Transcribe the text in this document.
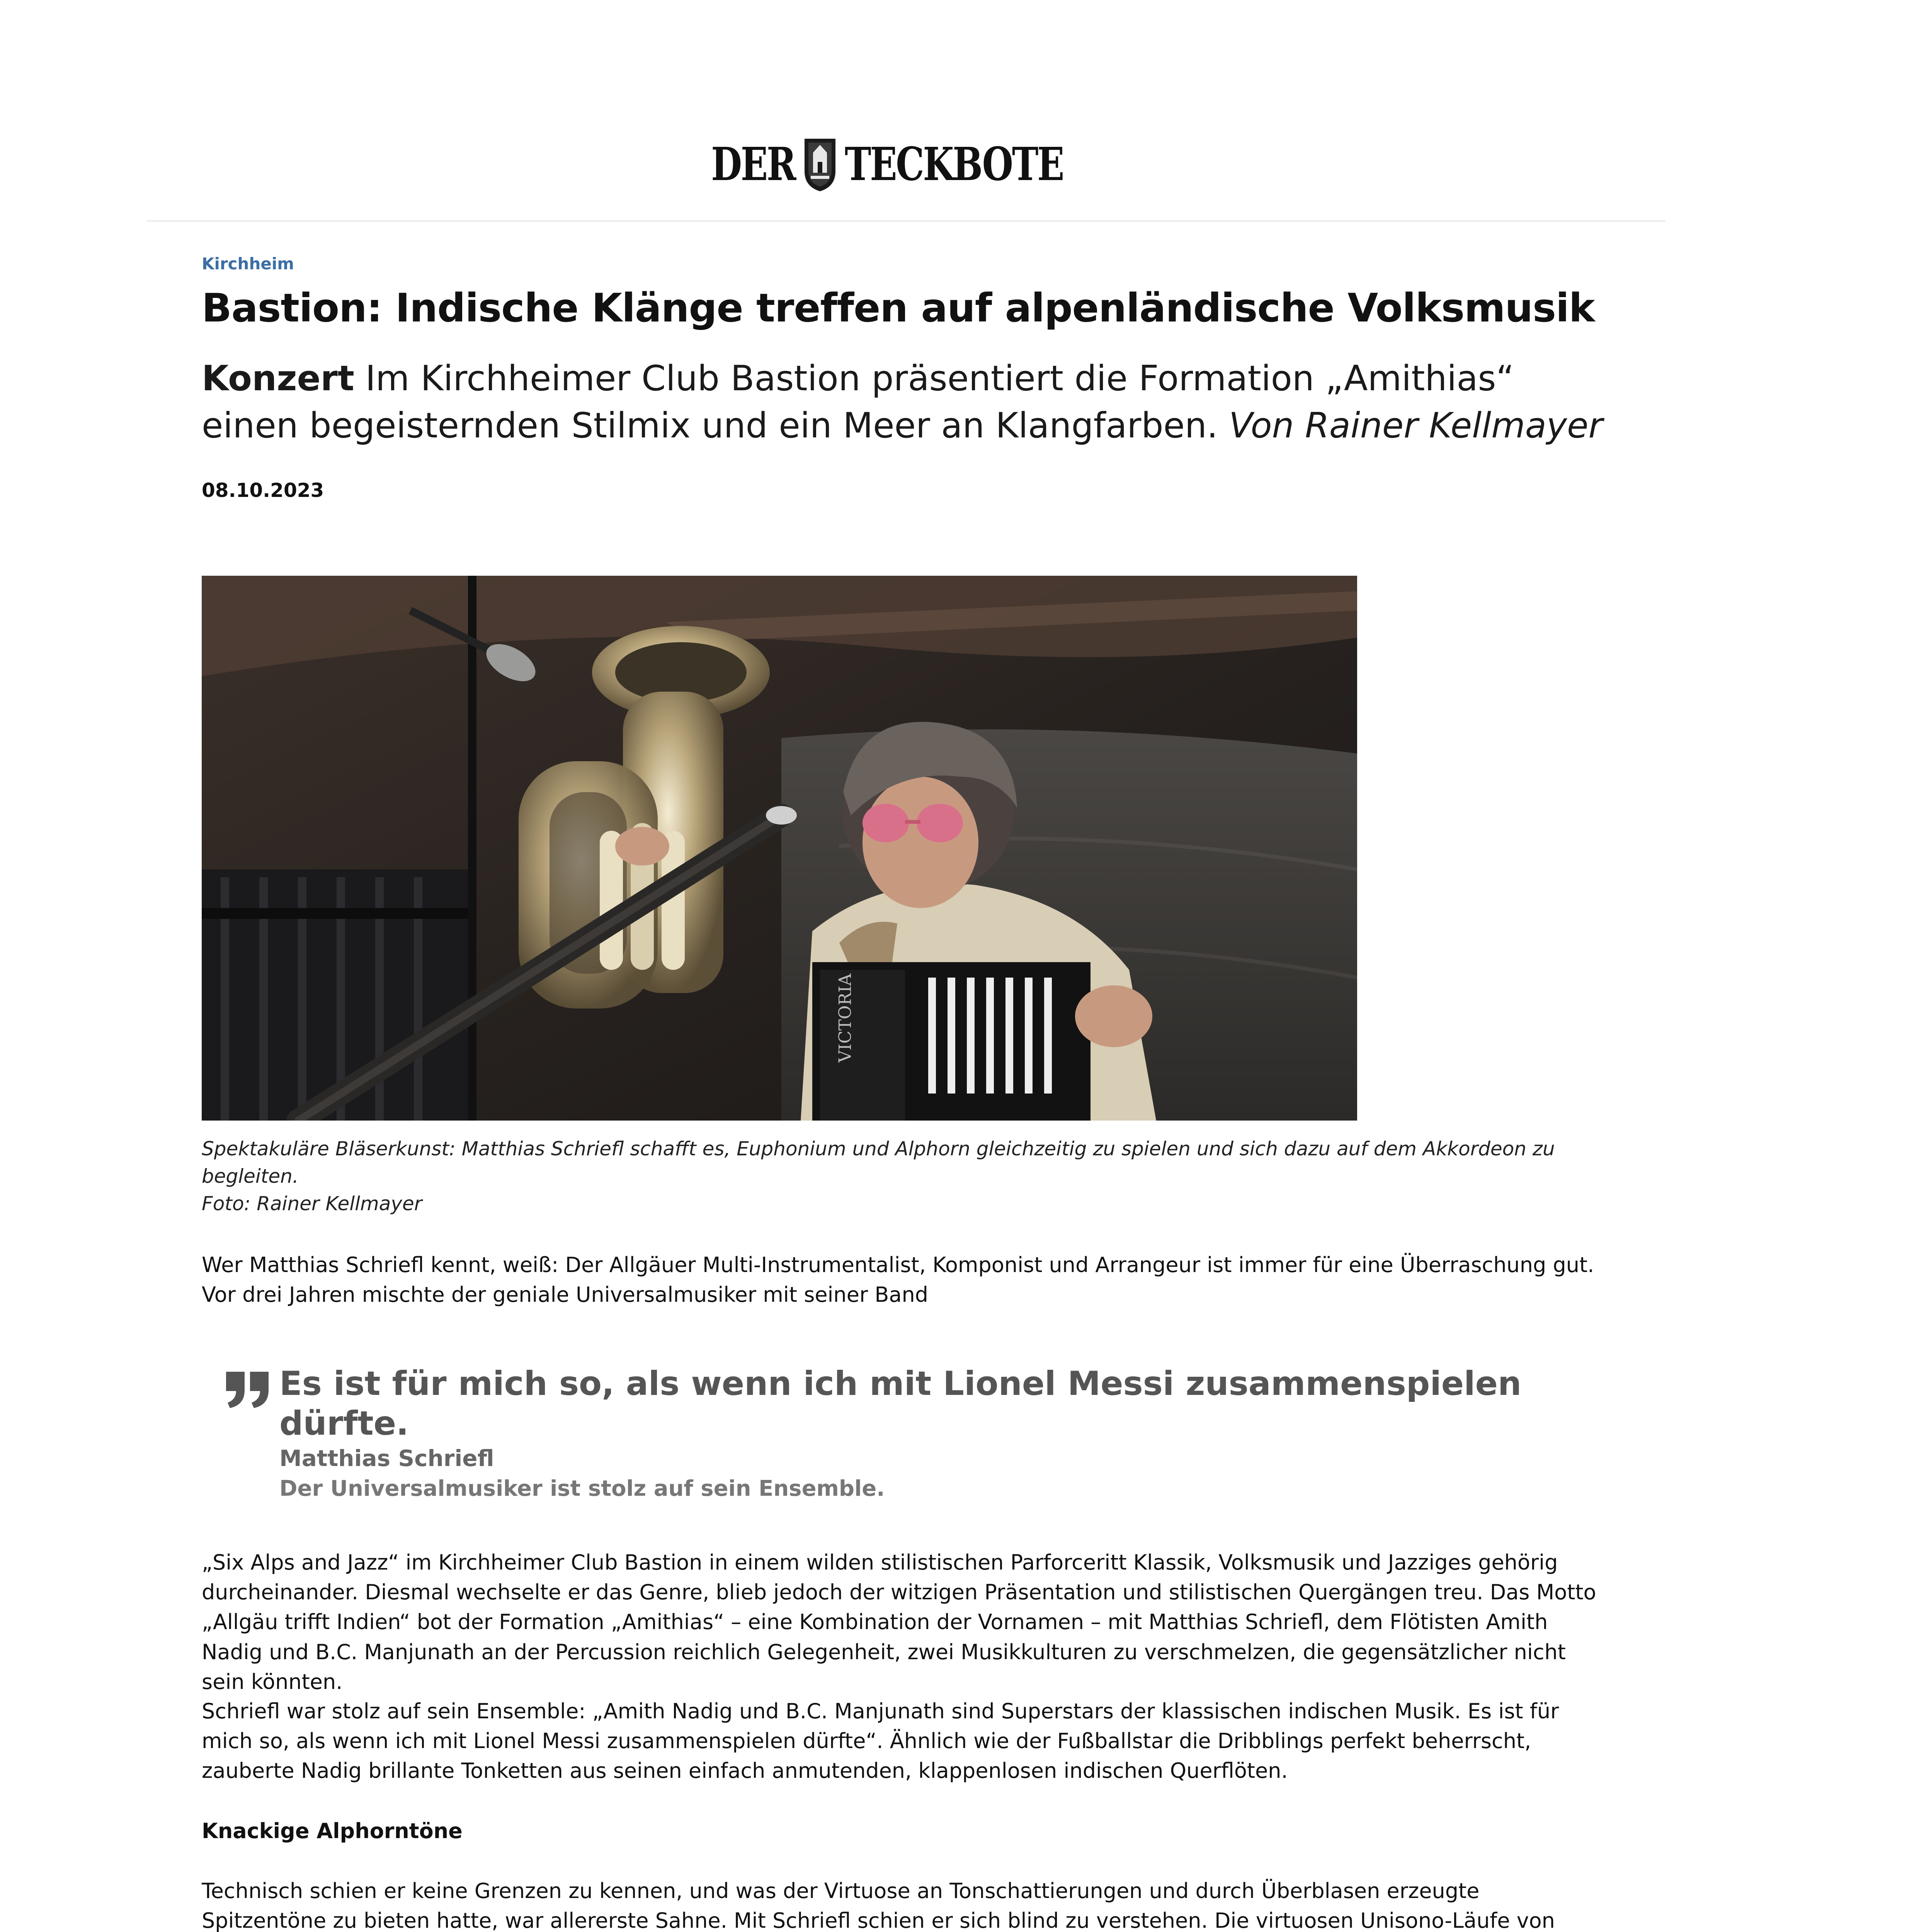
DER TECKBOTE
Kirchheim
Bastion: Indische Klänge treffen auf alpenländische Volksmusik

Konzert Im Kirchheimer Club Bastion präsentiert die Formation „Amithias“ einen begeisternden Stilmix und ein Meer an Klangfarben. Von Rainer Kellmayer

08.10.2023
VICTORIA
Spektakuläre Bläserkunst: Matthias Schriefl schafft es, Euphonium und Alphorn gleichzeitig zu spielen und sich dazu auf dem Akkordeon zu begleiten.
Foto: Rainer Kellmayer

Wer Matthias Schriefl kennt, weiß: Der Allgäuer Multi-Instrumentalist, Komponist und Arrangeur ist immer für eine Überraschung gut. Vor drei Jahren mischte der geniale Universalmusiker mit seiner Band

Es ist für mich so, als wenn ich mit Lionel Messi zusammenspielen dürfte.
Matthias Schriefl
Der Universalmusiker ist stolz auf sein Ensemble.

„Six Alps and Jazz“ im Kirchheimer Club Bastion in einem wilden stilistischen Parforceritt Klassik, Volksmusik und Jazziges gehörig durcheinander. Diesmal wechselte er das Genre, blieb jedoch der witzigen Präsentation und stilistischen Quergängen treu. Das Motto „Allgäu trifft Indien“ bot der Formation „Amithias“ – eine Kombination der Vornamen – mit Matthias Schriefl, dem Flötisten Amith Nadig und B.C. Manjunath an der Percussion reichlich Gelegenheit, zwei Musikkulturen zu verschmelzen, die gegensätzlicher nicht sein könnten.

Schriefl war stolz auf sein Ensemble: „Amith Nadig und B.C. Manjunath sind Superstars der klassischen indischen Musik. Es ist für mich so, als wenn ich mit Lionel Messi zusammenspielen dürfte“. Ähnlich wie der Fußballstar die Dribblings perfekt beherrscht, zauberte Nadig brillante Tonketten aus seinen einfach anmutenden, klappenlosen indischen Querflöten.

Knackige Alphorntöne

Technisch schien er keine Grenzen zu kennen, und was der Virtuose an Tonschattierungen und durch Überblasen erzeugte Spitzentöne zu bieten hatte, war allererste Sahne. Mit Schriefl schien er sich blind zu verstehen. Die virtuosen Unisono-Läufe von
